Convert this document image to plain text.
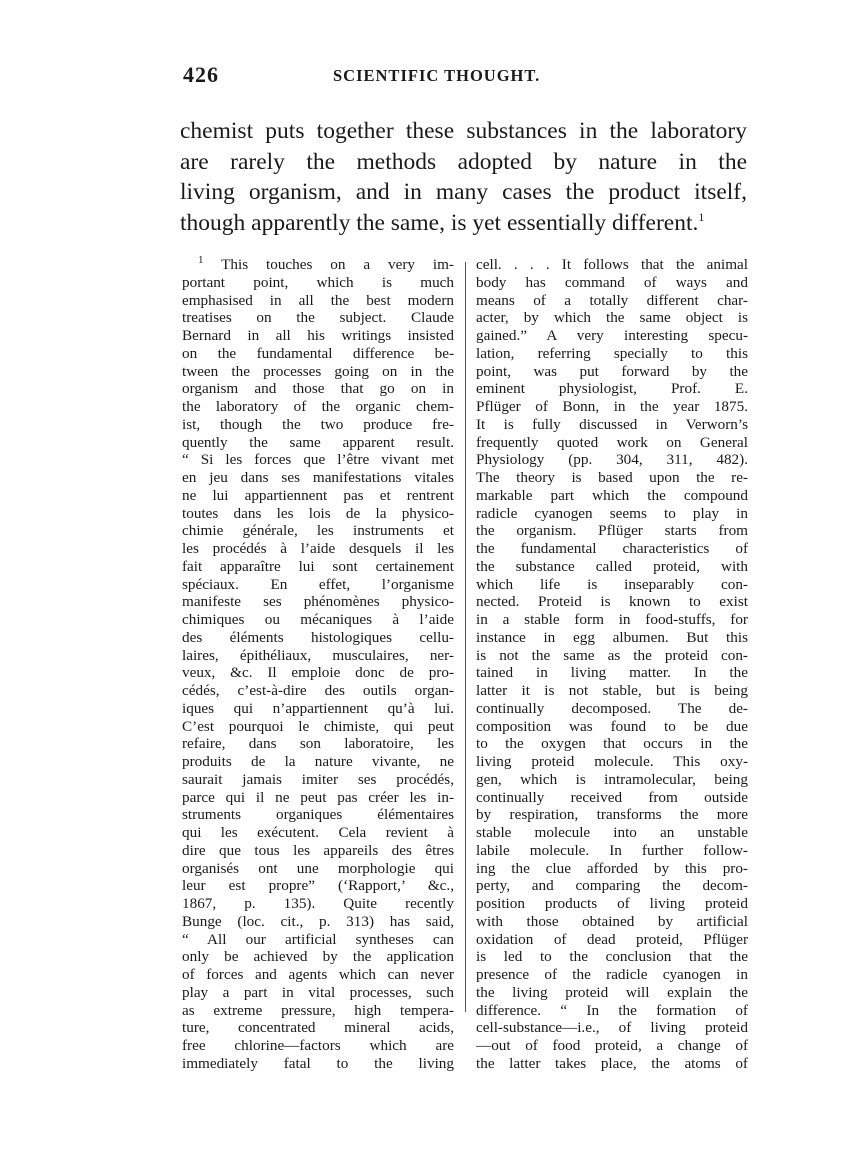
426	SCIENTIFIC THOUGHT.
chemist puts together these substances in the laboratory
are rarely the methods adopted by nature in the
living organism, and in many cases the product itself,
though apparently the same, is yet essentially different.$^1$
$^1$ This touches on a very im-
portant point, which is much
emphasised in all the best modern
treatises on the subject. Claude
Bernard in all his writings insisted
on the fundamental difference be-
tween the processes going on in the
organism and those that go on in
the laboratory of the organic chem-
ist, though the two produce fre-
quently the same apparent result.
“ Si les forces que l’être vivant met
en jeu dans ses manifestations vitales
ne lui appartiennent pas et rentrent
toutes dans les lois de la physico-
chimie générale, les instruments et
les procédés à l’aide desquels il les
fait apparaître lui sont certainement
spéciaux. En effet, l’organisme
manifeste ses phénomènes physico-
chimiques ou mécaniques à l’aide
des éléments histologiques cellu-
laires, épithéliaux, musculaires, ner-
veux, &c. Il emploie donc de pro-
cédés, c’est-à-dire des outils organ-
iques qui n’appartiennent qu’à lui.
C’est pourquoi le chimiste, qui peut
refaire, dans son laboratoire, les
produits de la nature vivante, ne
saurait jamais imiter ses procédés,
parce qui il ne peut pas créer les in-
struments organiques élémentaires
qui les exécutent. Cela revient à
dire que tous les appareils des êtres
organisés ont une morphologie qui
leur est propre” (‘Rapport,’ &c.,
1867, p. 135). Quite recently
Bunge (loc. cit., p. 313) has said,
“ All our artificial syntheses can
only be achieved by the application
of forces and agents which can never
play a part in vital processes, such
as extreme pressure, high tempera-
ture, concentrated mineral acids,
free chlorine—factors which are
immediately fatal to the living
cell. . . . It follows that the animal
body has command of ways and
means of a totally different char-
acter, by which the same object is
gained.” A very interesting specu-
lation, referring specially to this
point, was put forward by the
eminent physiologist, Prof. E.
Pflüger of Bonn, in the year 1875.
It is fully discussed in Verworn’s
frequently quoted work on General
Physiology (pp. 304, 311, 482).
The theory is based upon the re-
markable part which the compound
radicle cyanogen seems to play in
the organism. Pflüger starts from
the fundamental characteristics of
the substance called proteid, with
which life is inseparably con-
nected. Proteid is known to exist
in a stable form in food-stuffs, for
instance in egg albumen. But this
is not the same as the proteid con-
tained in living matter. In the
latter it is not stable, but is being
continually decomposed. The de-
composition was found to be due
to the oxygen that occurs in the
living proteid molecule. This oxy-
gen, which is intramolecular, being
continually received from outside
by respiration, transforms the more
stable molecule into an unstable
labile molecule. In further follow-
ing the clue afforded by this pro-
perty, and comparing the decom-
position products of living proteid
with those obtained by artificial
oxidation of dead proteid, Pflüger
is led to the conclusion that the
presence of the radicle cyanogen in
the living proteid will explain the
difference. “ In the formation of
cell-substance—i.e., of living proteid
—out of food proteid, a change of
the latter takes place, the atoms of
